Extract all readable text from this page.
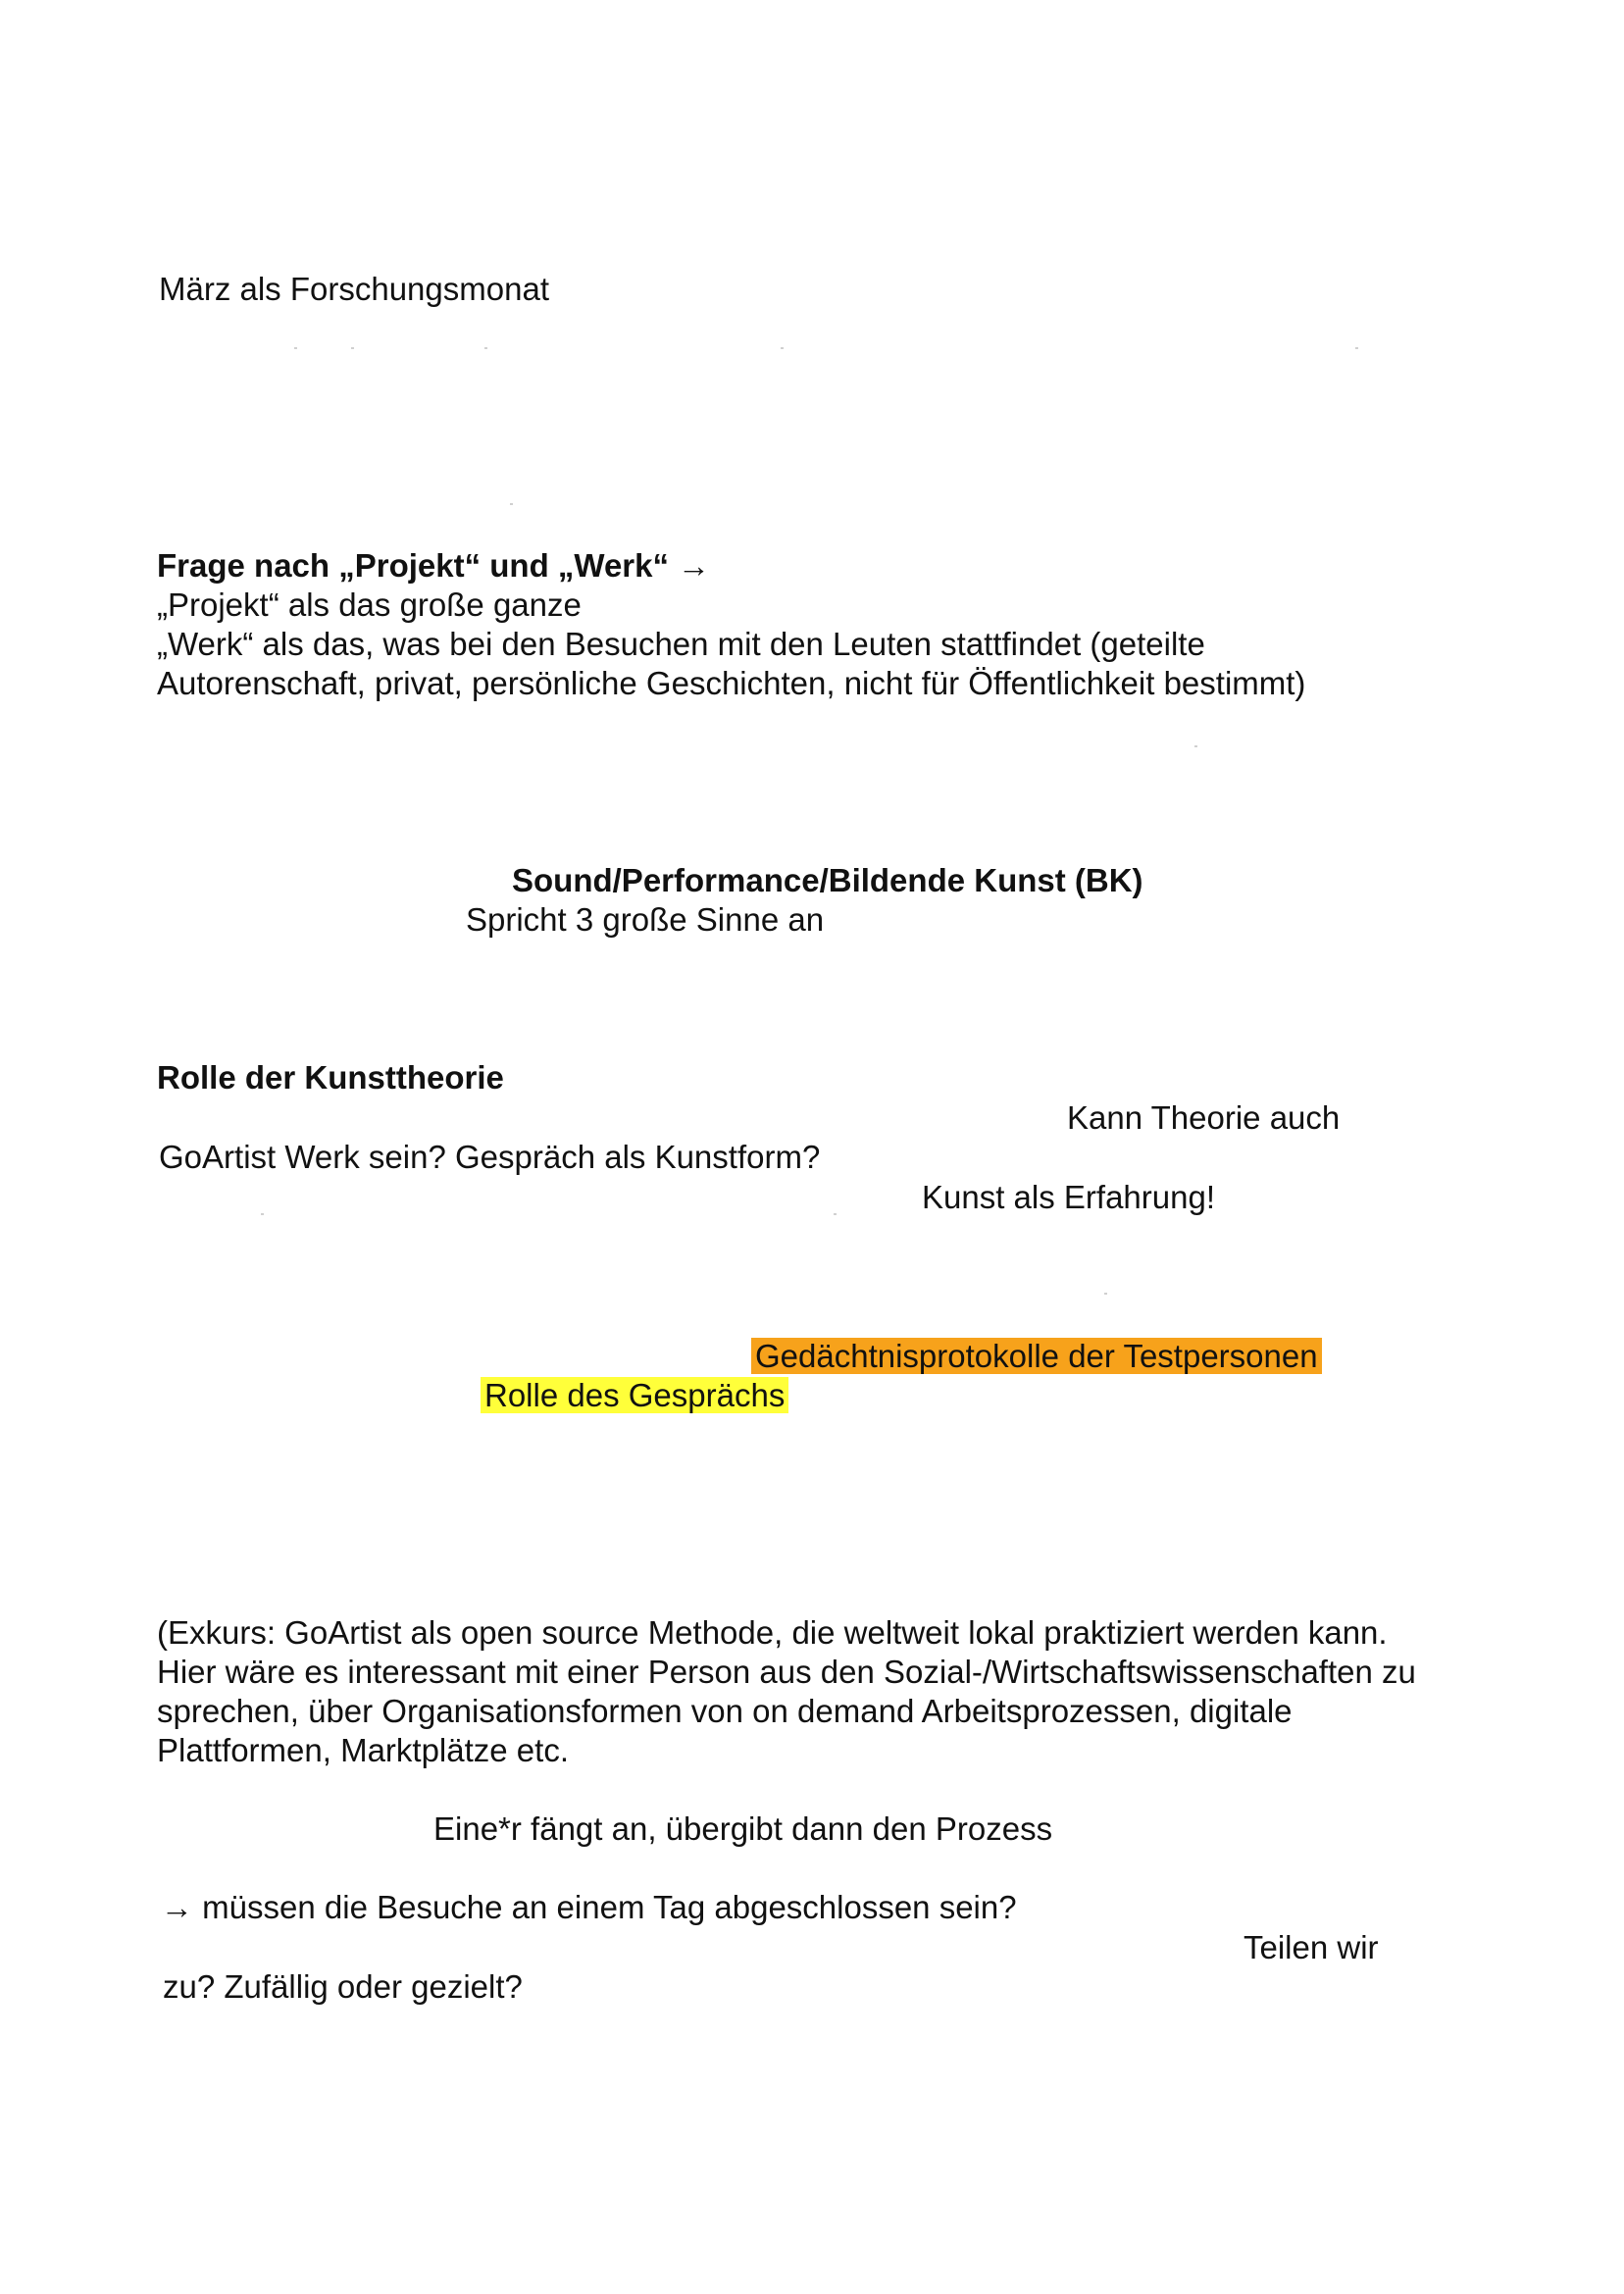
März als Forschungsmonat

Frage nach „Projekt“ und „Werk“ →

„Projekt“ als das große ganze

„Werk“ als das, was bei den Besuchen mit den Leuten stattfindet (geteilte

Autorenschaft, privat, persönliche Geschichten, nicht für Öffentlichkeit bestimmt)

Sound/Performance/Bildende Kunst (BK)

Spricht 3 große Sinne an

Rolle der Kunsttheorie

Kann Theorie auch

GoArtist Werk sein? Gespräch als Kunstform?

Kunst als Erfahrung!

Gedächtnisprotokolle der Testpersonen

Rolle des Gesprächs

(Exkurs: GoArtist als open source Methode, die weltweit lokal praktiziert werden kann.

Hier wäre es interessant mit einer Person aus den Sozial-/Wirtschaftswissenschaften zu

sprechen, über Organisationsformen von on demand Arbeitsprozessen, digitale

Plattformen, Marktplätze etc.

Eine*r fängt an, übergibt dann den Prozess

→ müssen die Besuche an einem Tag abgeschlossen sein?

Teilen wir

zu? Zufällig oder gezielt?
